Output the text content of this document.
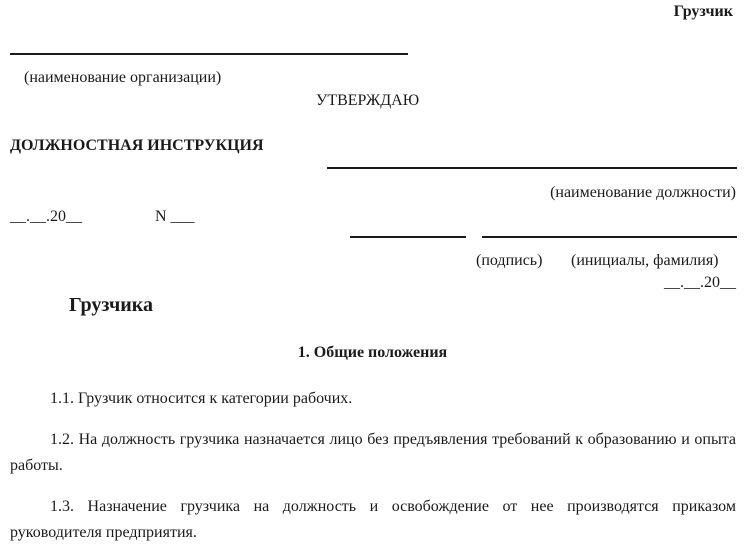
Грузчик
(наименование организации)
УТВЕРЖДАЮ
ДОЛЖНОСТНАЯ ИНСТРУКЦИЯ
(наименование должности)
__.__.20__	N ___
(подпись) (инициалы, фамилия)
__.__.20__
Грузчика
1. Общие положения

1.1. Грузчик относится к категории рабочих.

1.2. На должность грузчика назначается лицо без предъявления требований к образованию и опыта работы.

1.3. Назначение грузчика на должность и освобождение от нее производятся приказом руководителя предприятия.
